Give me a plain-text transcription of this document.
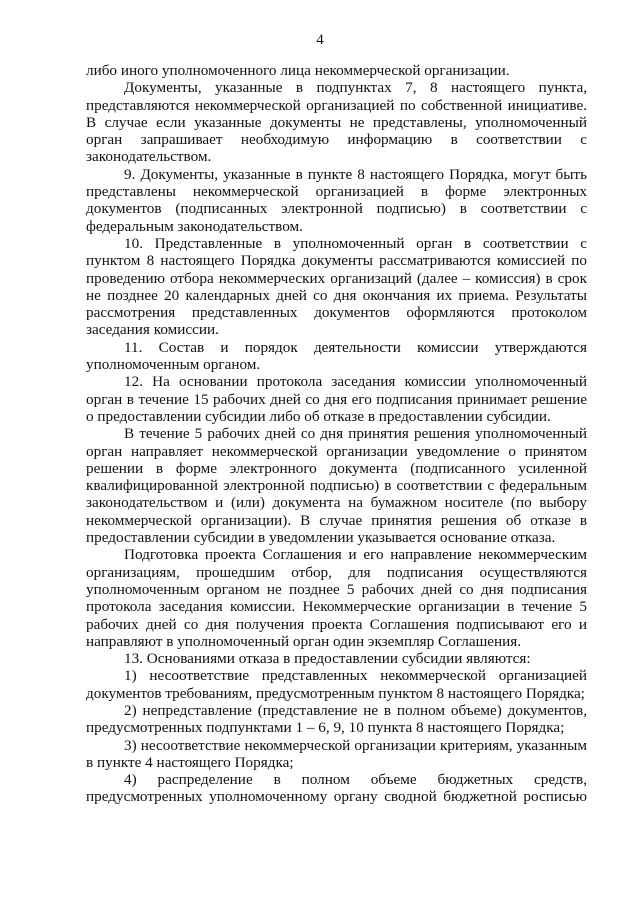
4

либо иного уполномоченного лица некоммерческой организации.

Документы, указанные в подпунктах 7, 8 настоящего пункта, представляются некоммерческой организацией по собственной инициативе. В случае если указанные документы не представлены, уполномоченный орган запрашивает необходимую информацию в соответствии с законодательством.

9. Документы, указанные в пункте 8 настоящего Порядка, могут быть представлены некоммерческой организацией в форме электронных документов (подписанных электронной подписью) в соответствии с федеральным законодательством.

10. Представленные в уполномоченный орган в соответствии с пунктом 8 настоящего Порядка документы рассматриваются комиссией по проведению отбора некоммерческих организаций (далее – комиссия) в срок не позднее 20 календарных дней со дня окончания их приема. Результаты рассмотрения представленных документов оформляются протоколом заседания комиссии.

11. Состав и порядок деятельности комиссии утверждаются уполномоченным органом.

12. На основании протокола заседания комиссии уполномоченный орган в течение 15 рабочих дней со дня его подписания принимает решение о предоставлении субсидии либо об отказе в предоставлении субсидии.

В течение 5 рабочих дней со дня принятия решения уполномоченный орган направляет некоммерческой организации уведомление о принятом решении в форме электронного документа (подписанного усиленной квалифицированной электронной подписью) в соответствии с федеральным законодательством и (или) документа на бумажном носителе (по выбору некоммерческой организации). В случае принятия решения об отказе в предоставлении субсидии в уведомлении указывается основание отказа.

Подготовка проекта Соглашения и его направление некоммерческим организациям, прошедшим отбор, для подписания осуществляются уполномоченным органом не позднее 5 рабочих дней со дня подписания протокола заседания комиссии. Некоммерческие организации в течение 5 рабочих дней со дня получения проекта Соглашения подписывают его и направляют в уполномоченный орган один экземпляр Соглашения.

13. Основаниями отказа в предоставлении субсидии являются:

1) несоответствие представленных некоммерческой организацией документов требованиям, предусмотренным пунктом 8 настоящего Порядка;

2) непредставление (представление не в полном объеме) документов, предусмотренных подпунктами 1 – 6, 9, 10 пункта 8 настоящего Порядка;

3) несоответствие некоммерческой организации критериям, указанным в пункте 4 настоящего Порядка;

4) распределение в полном объеме бюджетных средств, предусмотренных уполномоченному органу сводной бюджетной росписью
